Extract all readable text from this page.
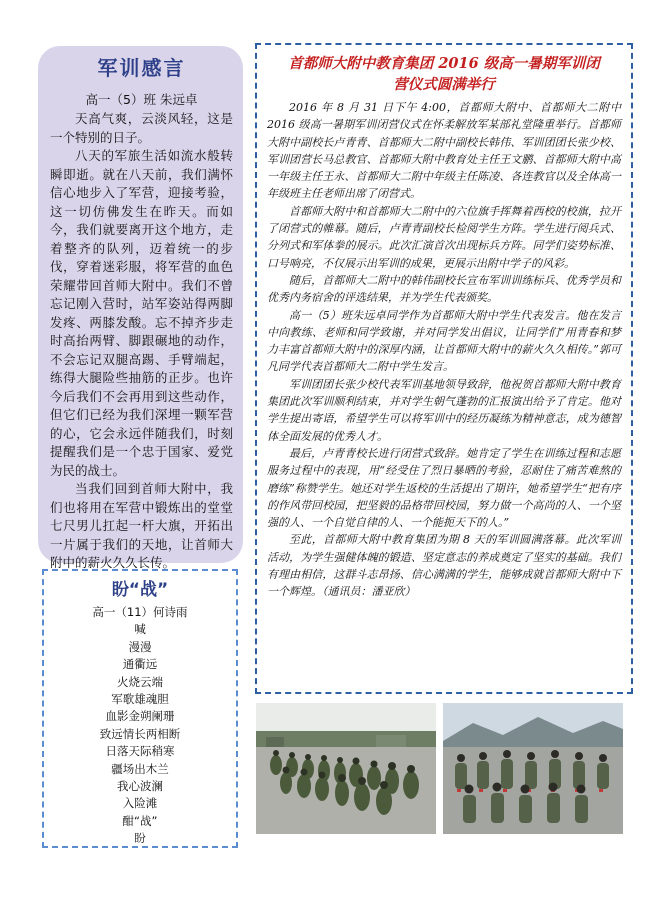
军训感言
高一（5）班 朱远卓

天高气爽，云淡风轻，这是一个特别的日子。

八天的军旅生活如流水般转瞬即逝。就在八天前，我们满怀信心地步入了军营，迎接考验，这一切仿佛发生在昨天。而如今，我们就要离开这个地方，走着整齐的队列，迈着统一的步伐，穿着迷彩服，将军营的血色荣耀带回首师大附中。我们不曾忘记刚入营时，站军姿站得两脚发疼、两膝发酸。忘不掉齐步走时高抬两臂、脚跟碾地的动作，不会忘记双腿高踢、手臂端起，练得大腿险些抽筋的正步。也许今后我们不会再用到这些动作，但它们已经为我们深埋一颗军营的心，它会永远伴随我们，时刻提醒我们是一个忠于国家、爱党为民的战士。

当我们回到首师大附中，我们也将用在军营中锻炼出的堂堂七尺男儿扛起一杆大旗，开拓出一片属于我们的天地，让首师大附中的薪火久久长传。

盼“战”
高一（11）何诗雨
喊
漫漫
通衢远
火烧云端
军歌雄魂胆
血影金朔阑珊
致远情长两相断
日落天际稍寒
疆场出木兰
我心波澜
入险滩
酣“战”
盼
首都师大附中教育集团 2016 级高一暑期军训闭
营仪式圆满举行

2016 年 8 月 31 日下午 4:00，首都师大附中、首都师大二附中 2016 级高一暑期军训闭营仪式在怀柔解放军某部礼堂隆重举行。首都师大附中副校长卢青青、首都师大二附中副校长韩伟、军训团团长张少校、军训团营长马总教官、首都师大附中教育处主任王文鹏、首都师大附中高一年级主任王永、首都师大二附中年级主任陈凌、各连教官以及全体高一年级班主任老师出席了闭营式。

首都师大附中和首都师大二附中的六位旗手挥舞着西校的校旗，拉开了闭营式的帷幕。随后，卢青青副校长检阅学生方阵。学生进行阅兵式、分列式和军体拳的展示。此次汇演首次出现标兵方阵。同学们姿势标准、口号响亮，不仅展示出军训的成果，更展示出附中学子的风彩。

随后，首都师大二附中的韩伟副校长宣布军训训练标兵、优秀学员和优秀内务宿舍的评选结果，并为学生代表颁奖。

高一（5）班朱远卓同学作为首都师大附中学生代表发言。他在发言中向教练、老师和同学致谢，并对同学发出倡议，让同学们“用青春和梦力丰富首都师大附中的深厚内涵，让首都师大附中的薪火久久相传。”郭可凡同学代表首都师大二附中学生发言。

军训团团长张少校代表军训基地领导致辞，他祝贺首都师大附中教育集团此次军训顺利结束，并对学生朝气蓬勃的汇报演出给予了肯定。他对学生提出寄语，希望学生可以将军训中的经历凝练为精神意志，成为德智体全面发展的优秀人才。

最后，卢青青校长进行闭营式致辞。她肯定了学生在训练过程和志愿服务过程中的表现，用“经受住了烈日暴晒的考验，忍耐住了痛苦难熬的磨练”称赞学生。她还对学生返校的生活提出了期许，她希望学生“把有序的作风带回校园，把坚毅的品格带回校园，努力做一个高尚的人、一个坚强的人、一个自觉自律的人、一个能扼天下的人。”

至此，首都师大附中教育集团为期 8 天的军训圆满落幕。此次军训活动，为学生强健体魄的锻造、坚定意志的养成奠定了坚实的基础。我们有理由相信，这群斗志昂扬、信心满满的学生，能够成就首都师大附中下一个辉煌。（通讯员：潘亚欣）
